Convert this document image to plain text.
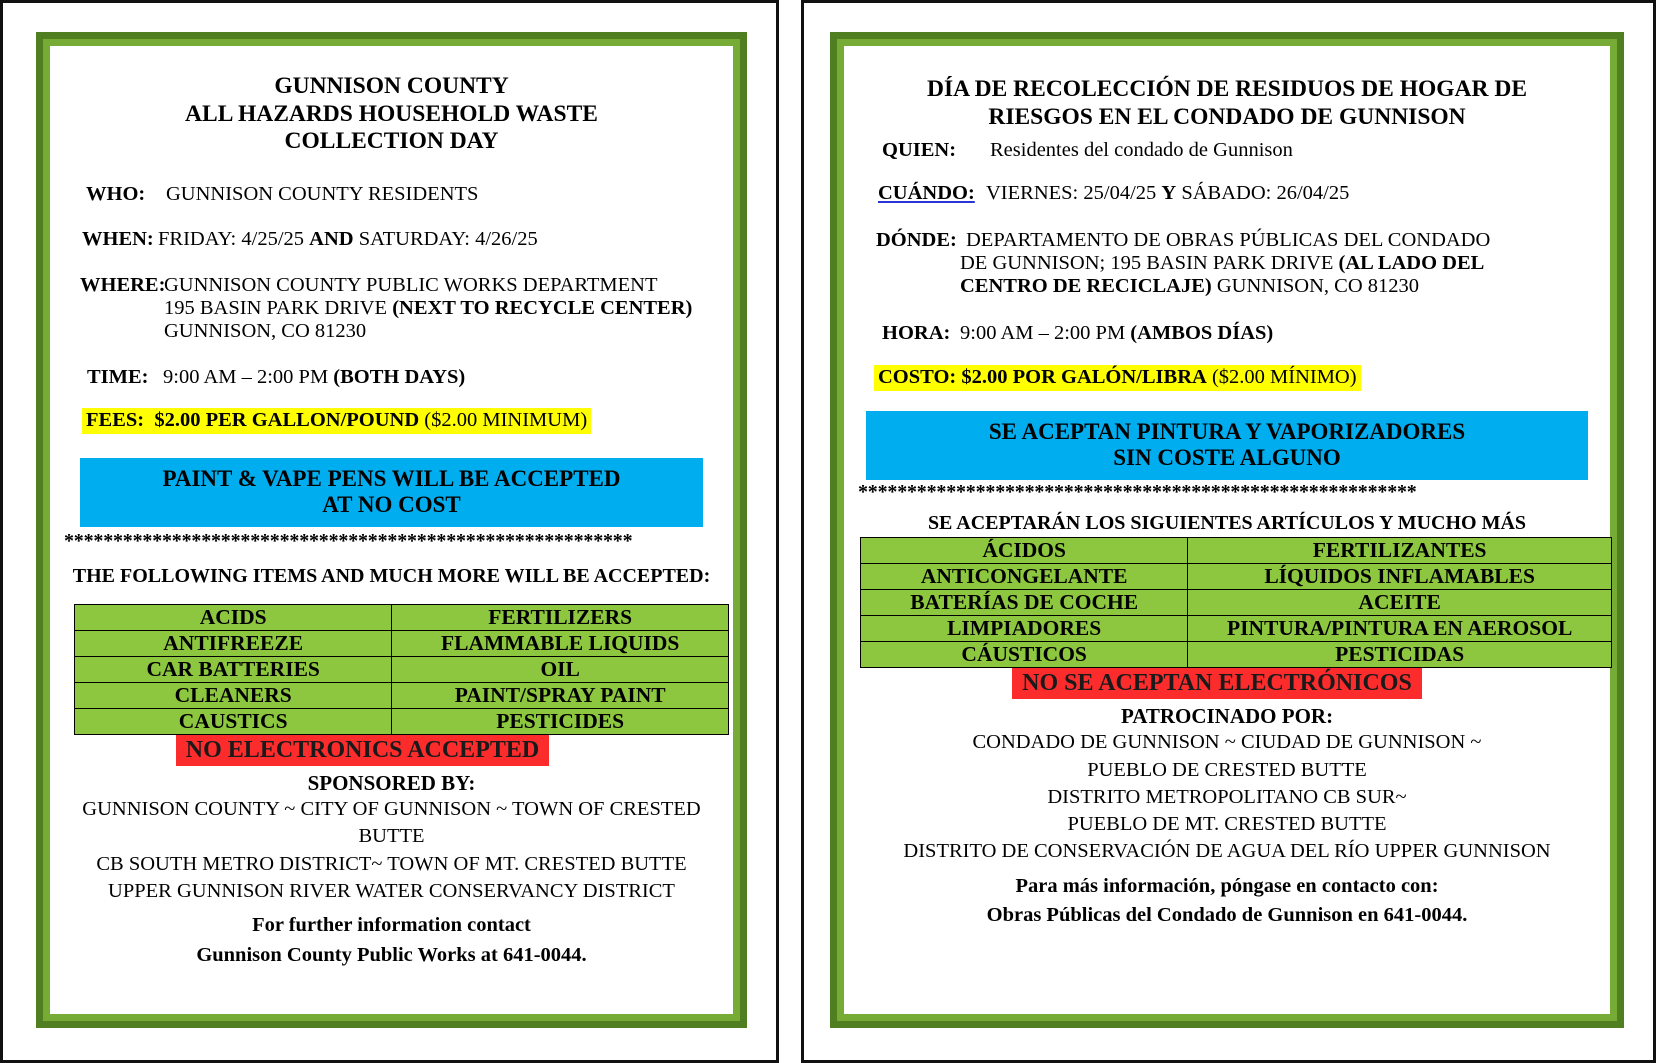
GUNNISON COUNTY
ALL HAZARDS HOUSEHOLD WASTE
COLLECTION DAY
WHO:	GUNNISON COUNTY RESIDENTS
WHEN: FRIDAY: 4/25/25 AND SATURDAY: 4/26/25
WHERE:
GUNNISON COUNTY PUBLIC WORKS DEPARTMENT
195 BASIN PARK DRIVE (NEXT TO RECYCLE CENTER)
GUNNISON, CO 81230
TIME: 9:00 AM – 2:00 PM (BOTH DAYS)
FEES: $2.00 PER GALLON/POUND ($2.00 MINIMUM)
PAINT & VAPE PENS WILL BE ACCEPTED
AT NO COST
**********************************************************
THE FOLLOWING ITEMS AND MUCH MORE WILL BE ACCEPTED:
ACIDS	FERTILIZERS
ANTIFREEZE	FLAMMABLE LIQUIDS
CAR BATTERIES	OIL
CLEANERS	PAINT/SPRAY PAINT
CAUSTICS	PESTICIDES
NO ELECTRONICS ACCEPTED
SPONSORED BY:
GUNNISON COUNTY ~ CITY OF GUNNISON ~ TOWN OF CRESTED BUTTE
CB SOUTH METRO DISTRICT~ TOWN OF MT. CRESTED BUTTE
UPPER GUNNISON RIVER WATER CONSERVANCY DISTRICT
For further information contact
Gunnison County Public Works at 641-0044.
DÍA DE RECOLECCIÓN DE RESIDUOS DE HOGAR DE
RIESGOS EN EL CONDADO DE GUNNISON
QUIEN:	Residentes del condado de Gunnison
CUÁNDO: VIERNES: 25/04/25 Y SÁBADO: 26/04/25
DÓNDE: DEPARTAMENTO DE OBRAS PÚBLICAS DEL CONDADO
DE GUNNISON; 195 BASIN PARK DRIVE (AL LADO DEL
CENTRO DE RECICLAJE) GUNNISON, CO 81230
HORA: 9:00 AM – 2:00 PM (AMBOS DÍAS)
COSTO: $2.00 POR GALÓN/LIBRA ($2.00 MÍNIMO)
SE ACEPTAN PINTURA Y VAPORIZADORES
SIN COSTE ALGUNO
*********************************************************
SE ACEPTARÁN LOS SIGUIENTES ARTÍCULOS Y MUCHO MÁS
ÁCIDOS	FERTILIZANTES
ANTICONGELANTE	LÍQUIDOS INFLAMABLES
BATERÍAS DE COCHE	ACEITE
LIMPIADORES	PINTURA/PINTURA EN AEROSOL
CÁUSTICOS	PESTICIDAS
NO SE ACEPTAN ELECTRÓNICOS
PATROCINADO POR:
CONDADO DE GUNNISON ~ CIUDAD DE GUNNISON ~
PUEBLO DE CRESTED BUTTE
DISTRITO METROPOLITANO CB SUR~
PUEBLO DE MT. CRESTED BUTTE
DISTRITO DE CONSERVACIÓN DE AGUA DEL RÍO UPPER GUNNISON
Para más información, póngase en contacto con:
Obras Públicas del Condado de Gunnison en 641-0044.
